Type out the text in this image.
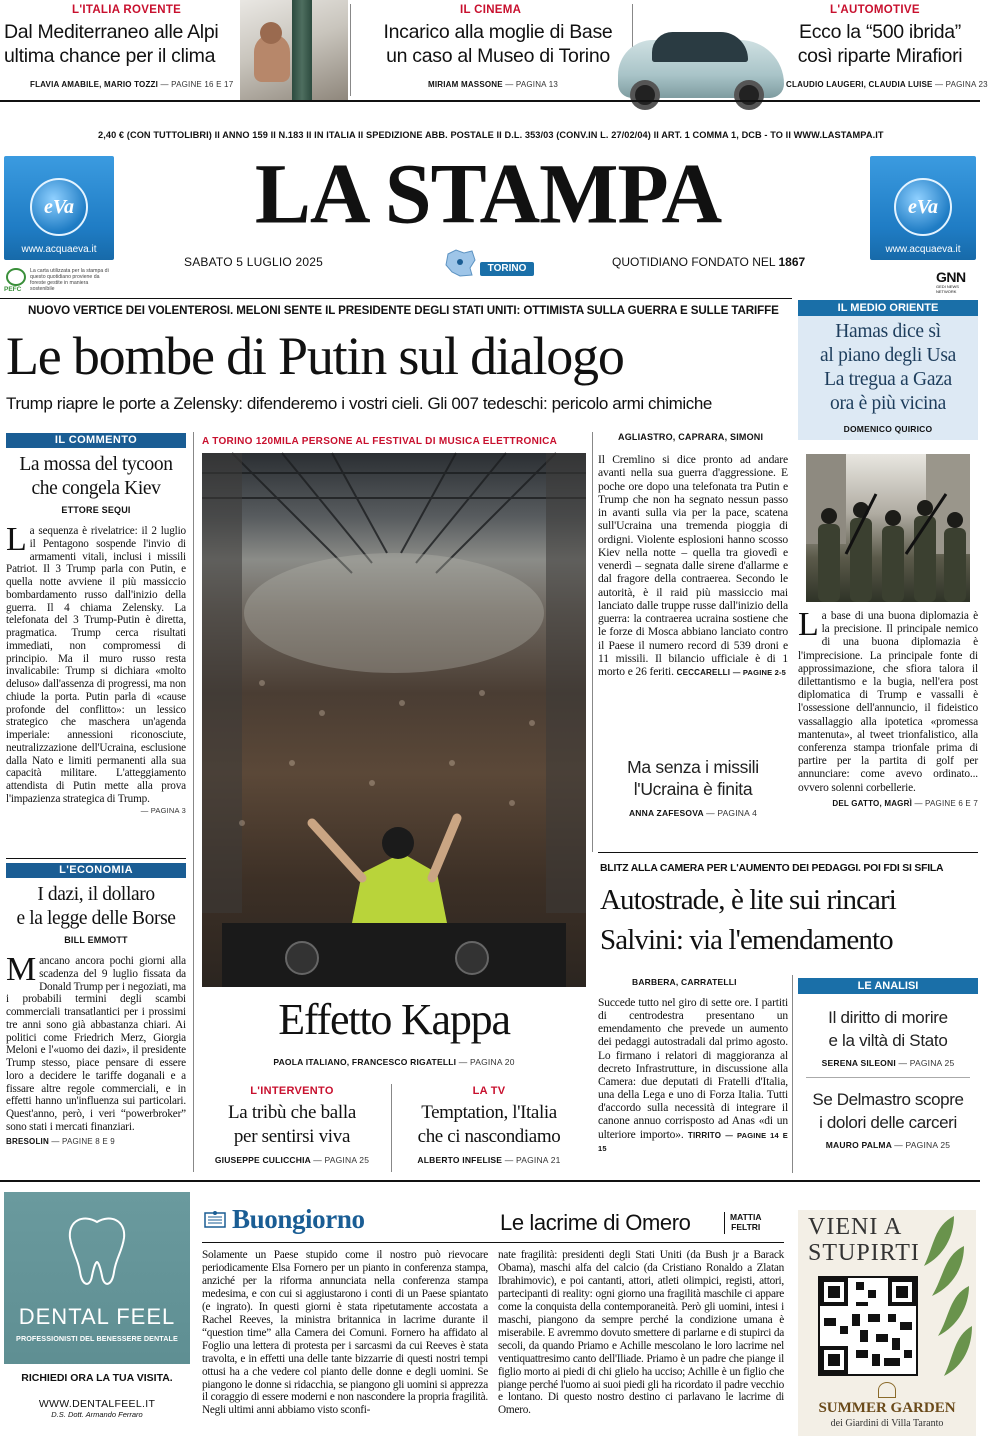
L'ITALIA ROVENTE
Dal Mediterraneo alle Alpi
ultima chance per il clima
FLAVIA AMABILE, MARIO TOZZI — PAGINE 16 E 17
IL CINEMA
Incarico alla moglie di Base
un caso al Museo di Torino
MIRIAM MASSONE — PAGINA 13
L'AUTOMOTIVE
Ecco la “500 ibrida”
così riparte Mirafiori
CLAUDIO LAUGERI, CLAUDIA LUISE — PAGINA 23
2,40 € (CON TUTTOLIBRI) II ANNO 159 II N.183 II IN ITALIA II SPEDIZIONE ABB. POSTALE II D.L. 353/03 (CONV.IN L. 27/02/04) II ART. 1 COMMA 1, DCB - TO II WWW.LASTAMPA.IT
eVa
www.acquaeva.it
PEFC
La carta utilizzata per la stampa di questo quotidiano proviene da foreste gestite in maniera sostenibile
LA STAMPA
SABATO 5 LUGLIO 2025	TORINO	QUOTIDIANO FONDATO NEL 1867
eVa
www.acquaeva.it
GNN
GEDI NEWS NETWORK
NUOVO VERTICE DEI VOLENTEROSI. MELONI SENTE IL PRESIDENTE DEGLI STATI UNITI: OTTIMISTA SULLA GUERRA E SULLE TARIFFE
Le bombe di Putin sul dialogo
Trump riapre le porte a Zelensky: difenderemo i vostri cieli. Gli 007 tedeschi: pericolo armi chimiche
IL COMMENTO
La mossa del tycoon
che congela Kiev
ETTORE SEQUI
La sequenza è rivelatrice: il 2 luglio il Pentagono sospende l'invio di armamenti vitali, inclusi i missili Patriot. Il 3 Trump parla con Putin, e quella notte avviene il più massiccio bombardamento russo dall'inizio della guerra. Il 4 chiama Zelensky. La telefonata del 3 Trump-Putin è diretta, pragmatica. Trump cerca risultati immediati, non compromessi di principio. Ma il muro russo resta invalicabile: Trump si dichiara «molto deluso» dall'assenza di progressi, ma non chiude la porta. Putin parla di «cause profonde del conflitto»: un lessico strategico che maschera un'agenda imperiale: annessioni riconosciute, neutralizzazione dell'Ucraina, esclusione dalla Nato e limiti permanenti alla sua capacità militare. L'atteggiamento attendista di Putin mette alla prova l'impazienza strategica di Trump.
— PAGINA 3
L'ECONOMIA
I dazi, il dollaro
e la legge delle Borse
BILL EMMOTT
Mancano ancora pochi giorni alla scadenza del 9 luglio fissata da Donald Trump per i negoziati, ma i probabili termini degli scambi commerciali transatlantici per i prossimi tre anni sono già abbastanza chiari. Ai politici come Friedrich Merz, Giorgia Meloni e l'«uomo dei dazi», il presidente Trump stesso, piace pensare di essere loro a decidere le tariffe doganali e a fissare altre regole commerciali, e in effetti hanno un'influenza sui particolari. Quest'anno, però, i veri “powerbroker” sono stati i mercati finanziari.
BRESOLIN — PAGINE 8 E 9
A TORINO 120MILA PERSONE AL FESTIVAL DI MUSICA ELETTRONICA
Effetto Kappa
PAOLA ITALIANO, FRANCESCO RIGATELLI — PAGINA 20
L'INTERVENTO
La tribù che balla
per sentirsi viva
GIUSEPPE CULICCHIA — PAGINA 25
LA TV
Temptation, l'Italia
che ci nascondiamo
ALBERTO INFELISE — PAGINA 21
AGLIASTRO, CAPRARA, SIMONI
Il Cremlino si dice pronto ad andare avanti nella sua guerra d'aggressione. E poche ore dopo una telefonata tra Putin e Trump che non ha segnato nessun passo in avanti sulla via per la pace, scatena sull'Ucraina una tremenda pioggia di ordigni. Violente esplosioni hanno scosso Kiev nella notte – quella tra giovedì e venerdì – segnata dalle sirene d'allarme e dal fragore della contraerea. Secondo le autorità, è il raid più massiccio mai lanciato dalle truppe russe dall'inizio della guerra: la contraerea ucraina sostiene che le forze di Mosca abbiano lanciato contro il Paese il numero record di 539 droni e 11 missili. Il bilancio ufficiale è di 1 morto e 26 feriti. CECCARELLI — PAGINE 2-5
Ma senza i missili
l'Ucraina è finita
ANNA ZAFESOVA — PAGINA 4
IL MEDIO ORIENTE
Hamas dice sì
al piano degli Usa
La tregua a Gaza
ora è più vicina
DOMENICO QUIRICO
La base di una buona diplomazia è la precisione. Il principale nemico di una buona diplomazia è l'imprecisione. La principale fonte di approssimazione, che sfiora talora il dilettantismo e la bugia, nell'era post diplomatica di Trump e vassalli è l'ossessione dell'annuncio, il fideistico vassallaggio alla ipotetica «promessa mantenuta», al tweet trionfalistico, alla conferenza stampa trionfale prima di partire per la partita di golf per annunciare: come avevo ordinato... ovvero solenni corbellerie.
DEL GATTO, MAGRÌ — PAGINE 6 E 7
BLITZ ALLA CAMERA PER L'AUMENTO DEI PEDAGGI. POI FDI SI SFILA
Autostrade, è lite sui rincari
Salvini: via l'emendamento
BARBERA, CARRATELLI
Succede tutto nel giro di sette ore. I partiti di centrodestra presentano un emendamento che prevede un aumento dei pedaggi autostradali dal primo agosto. Lo firmano i relatori di maggioranza al decreto Infrastrutture, in discussione alla Camera: due deputati di Fratelli d'Italia, una della Lega e uno di Forza Italia. Tutti d'accordo sulla necessità di integrare il canone annuo corrisposto ad Anas «di un ulteriore importo». TIRRITO — PAGINE 14 E 15
LE ANALISI
Il diritto di morire
e la viltà di Stato
SERENA SILEONI — PAGINA 25
Se Delmastro scopre
i dolori delle carceri
MAURO PALMA — PAGINA 25
DENTAL FEEL
PROFESSIONISTI DEL BENESSERE DENTALE
RICHIEDI ORA LA TUA VISITA.
WWW.DENTALFEEL.IT
D.S. Dott. Armando Ferraro
Buongiorno	Le lacrime di Omero	MATTIA
FELTRI
Solamente un Paese stupido come il nostro può rievocare periodicamente Elsa Fornero per un pianto in conferenza stampa, anziché per la riforma annunciata nella conferenza stampa medesima, e con cui si aggiustarono i conti di un Paese spiantato (e ingrato). In questi giorni è stata ripetutamente accostata a Rachel Reeves, la ministra britannica in lacrime durante il “question time” alla Camera dei Comuni. Fornero ha affidato al Foglio una lettera di protesta per i sarcasmi da cui Reeves è stata travolta, e in effetti una delle tante bizzarrie di questi nostri tempi ottusi ha a che vedere col pianto delle donne e degli uomini. Se piangono le donne si ridacchia, se piangono gli uomini si apprezza il coraggio di essere moderni e non nascondere la propria fragilità. Negli ultimi anni abbiamo visto sconfi-
nate fragilità: presidenti degli Stati Uniti (da Bush jr a Barack Obama), maschi alfa del calcio (da Cristiano Ronaldo a Zlatan Ibrahimovic), e poi cantanti, attori, atleti olimpici, registi, attori, partecipanti di reality: ogni giorno una fragilità maschile ci appare come la conquista della contemporaneità. Però gli uomini, intesi i maschi, piangono da sempre perché la condizione umana è miserabile. E avremmo dovuto smettere di parlarne e di stupirci da secoli, da quando Priamo e Achille mescolano le loro lacrime nel ventiquattresimo canto dell'Iliade. Priamo è un padre che piange il figlio morto ai piedi di chi glielo ha ucciso; Achille è un figlio che piange perché l'uomo ai suoi piedi gli ha ricordato il padre vecchio e lontano. Di questo nostro destino ci parlavano le lacrime di Omero.
VIENI A
STUPIRTI
SUMMER GARDEN
dei Giardini di Villa Taranto
